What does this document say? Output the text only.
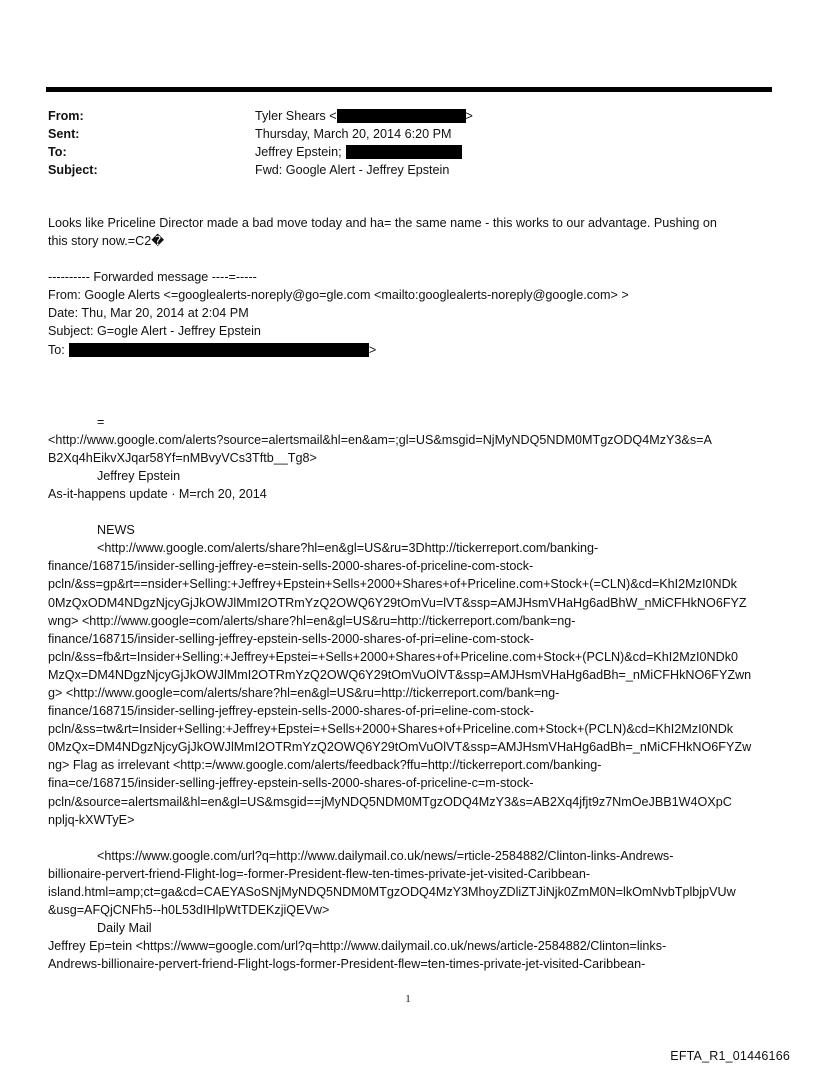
From:	Tyler Shears <	>
Sent:	Thursday, March 20, 2014 6:20 PM
To:	Jeffrey Epstein;
Subject:	Fwd: Google Alert - Jeffrey Epstein
Looks like Priceline Director made a bad move today and ha= the same name - this works to our advantage. Pushing on
this story now.=C2�
---------- Forwarded message ----=-----
From: Google Alerts <=googlealerts-noreply@go=gle.com <mailto:googlealerts-noreply@google.com> >
Date: Thu, Mar 20, 2014 at 2:04 PM
Subject: G=ogle Alert - Jeffrey Epstein
To:	>
=
<http://www.google.com/alerts?source=alertsmail&hl=en&am=;gl=US&msgid=NjMyNDQ5NDM0MTgzODQ4MzY3&s=A
B2Xq4hEikvXJqar58Yf=nMBvyVCs3Tftb__Tg8>
Jeffrey Epstein
As-it-happens update · M=rch 20, 2014
NEWS
<http://www.google.com/alerts/share?hl=en&gl=US&ru=3Dhttp://tickerreport.com/banking-
finance/168715/insider-selling-jeffrey-e=stein-sells-2000-shares-of-priceline-com-stock-
pcln/&ss=gp&rt==nsider+Selling:+Jeffrey+Epstein+Sells+2000+Shares+of+Priceline.com+Stock+(=CLN)&cd=KhI2MzI0NDk
0MzQxODM4NDgzNjcyGjJkOWJlMmI2OTRmYzQ2OWQ6Y29tOmVu=lVT&ssp=AMJHsmVHaHg6adBhW_nMiCFHkNO6FYZ
wng> <http://www.google=com/alerts/share?hl=en&gl=US&ru=http://tickerreport.com/bank=ng-
finance/168715/insider-selling-jeffrey-epstein-sells-2000-shares-of-pri=eline-com-stock-
pcln/&ss=fb&rt=Insider+Selling:+Jeffrey+Epstei=+Sells+2000+Shares+of+Priceline.com+Stock+(PCLN)&cd=KhI2MzI0NDk0
MzQx=DM4NDgzNjcyGjJkOWJlMmI2OTRmYzQ2OWQ6Y29tOmVuOlVT&ssp=AMJHsmVHaHg6adBh=_nMiCFHkNO6FYZwn
g> <http://www.google=com/alerts/share?hl=en&gl=US&ru=http://tickerreport.com/bank=ng-
finance/168715/insider-selling-jeffrey-epstein-sells-2000-shares-of-pri=eline-com-stock-
pcln/&ss=tw&rt=Insider+Selling:+Jeffrey+Epstei=+Sells+2000+Shares+of+Priceline.com+Stock+(PCLN)&cd=KhI2MzI0NDk
0MzQx=DM4NDgzNjcyGjJkOWJlMmI2OTRmYzQ2OWQ6Y29tOmVuOlVT&ssp=AMJHsmVHaHg6adBh=_nMiCFHkNO6FYZw
ng> Flag as irrelevant <http:=/www.google.com/alerts/feedback?ffu=http://tickerreport.com/banking-
fina=ce/168715/insider-selling-jeffrey-epstein-sells-2000-shares-of-priceline-c=m-stock-
pcln/&source=alertsmail&hl=en&gl=US&msgid==jMyNDQ5NDM0MTgzODQ4MzY3&s=AB2Xq4jfjt9z7NmOeJBB1W4OXpC
npljq-kXWTyE>
<https://www.google.com/url?q=http://www.dailymail.co.uk/news/=rticle-2584882/Clinton-links-Andrews-
billionaire-pervert-friend-Flight-log=-former-President-flew-ten-times-private-jet-visited-Caribbean-
island.html=amp;ct=ga&cd=CAEYASoSNjMyNDQ5NDM0MTgzODQ4MzY3MhoyZDliZTJiNjk0ZmM0N=lkOmNvbTplbjpVUw
&usg=AFQjCNFh5--h0L53dIHlpWtTDEKzjiQEVw>
Daily Mail
Jeffrey Ep=tein <https://www=google.com/url?q=http://www.dailymail.co.uk/news/article-2584882/Clinton=links-
Andrews-billionaire-pervert-friend-Flight-logs-former-President-flew=ten-times-private-jet-visited-Caribbean-
1
EFTA_R1_01446166
